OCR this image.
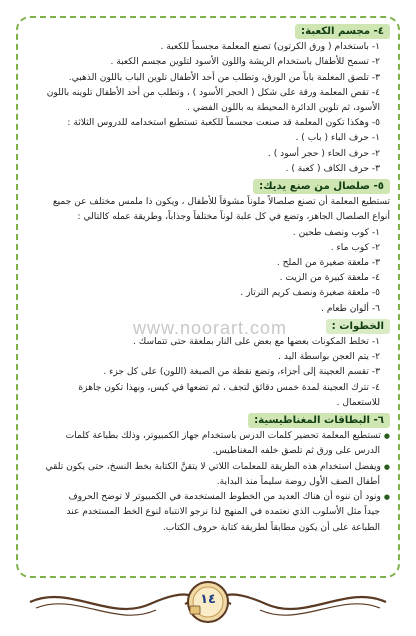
٤- مجسم الكعبة:
١- باستخدام ( ورق الكرتون) تصنع المعلمة مجسماً للكعبة .
٢- تسمح للأطفال باستخدام الريشة واللون الأسود لتلوين مجسم الكعبة .
٣- تلصق المعلمة باباً من الورق، وتطلب من أحد الأطفال تلوين الباب باللون الذهبي.
٤- تقص المعلمة ورقة على شكل ( الحجر الأسود ) ، وتطلب من أحد الأطفال تلوينه باللون
الأسود، ثم تلوين الدائرة المحيطة به باللون الفضي .
٥- وهكذا تكون المعلمة قد صنعت مجسماً للكعبة تستطيع استخدامه للدروس الثلاثة :
١- حرف الباء ( باب ) .
٢- حرف الحاء ( حجر أسود ) .
٣- حرف الكاف ( كعبة ) .
٥- صلصال من صنع يديك:
تستطيع المعلمة أن تصنع صلصالاً ملوناً مشوقاً للأطفال ، ويكون ذا ملمس مختلف عن جميع
أنواع الصلصال الجاهز، وتضع في كل علبة لوناً مختلفاً وجذاباً، وطريقة عمله كالتالي :
١- كوب ونصف طحين .
٢- كوب ماء .
٣- ملعقة صغيرة من الملح .
٤- ملعقة كبيرة من الزيت .
٥- ملعقة صغيرة ونصف كريم الترتار .
٦- ألوان طعام .
الخطوات :
١- تخلط المكونات بعضها مع بعض على النار بملعقة حتى تتماسك .
٢- يتم العجن بواسطة اليد .
٣- تقسم العجينة إلى أجزاء، وتضع نقطة من الصبغة (اللون) على كل جزء .
٤- تترك العجينة لمدة خمس دقائق لتجف ، ثم تضعها في كيس، وبهذا تكون جاهزة
للاستعمال .
٦- البطاقات المغناطيسية:
● تستطيع المعلمة تحضير كلمات الدرس باستخدام جهاز الكمبيوتر، وذلك بطباعة كلمات
الدرس على ورق ثم تلصق خلفه المغناطيس.
● ويفضل استخدام هذه الطريقة للمعلمات اللاتي لا يتقنَّ الكتابة بخط النسخ، حتى يكون تلقي
أطفال الصف الأول روضة سليماً منذ البداية.
● ونود أن ننوه أن هناك العديد من الخطوط المستخدمة في الكمبيوتر لا توضح الحروف
جيداً مثل الأسلوب الذي نعتمده في المنهج لذا نرجو الانتباه لنوع الخط المستخدم عند
الطباعة على أن يكون مطابقاً لطريقة كتابة حروف الكتاب.
www.noorart.com
١٤
